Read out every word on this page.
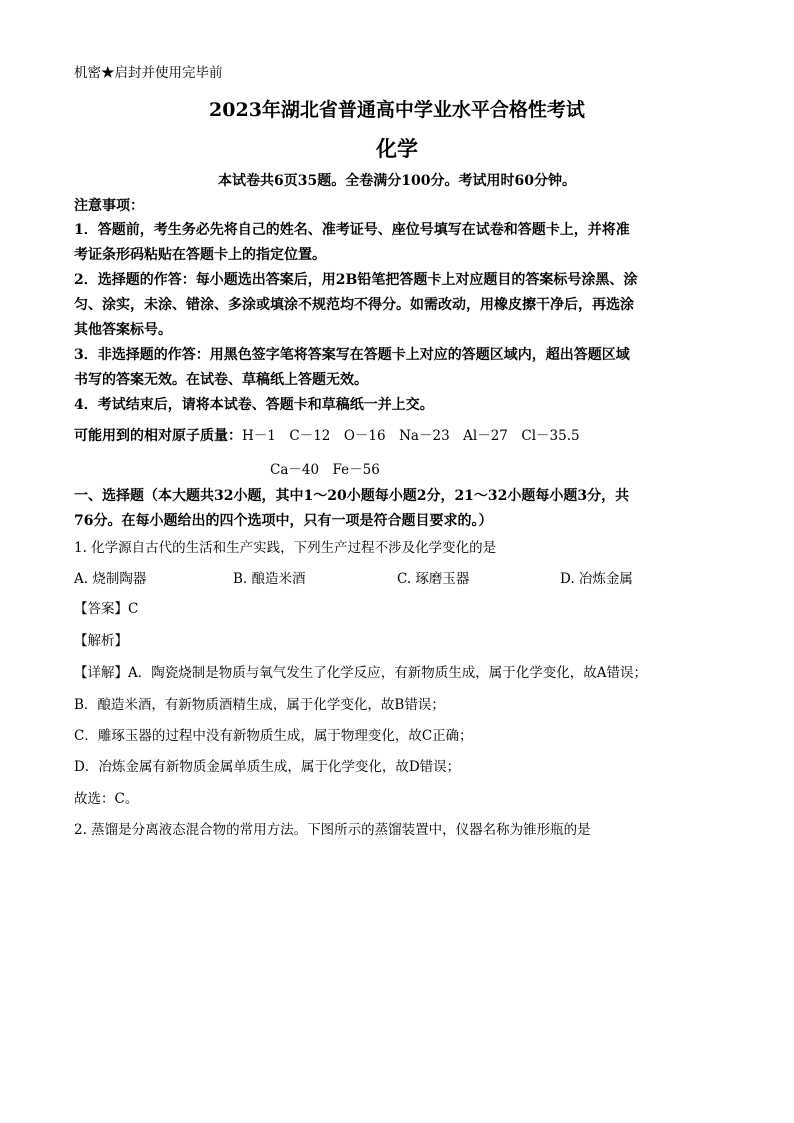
机密★启封并使用完毕前
2023年湖北省普通高中学业水平合格性考试
化学
本试卷共6页35题。全卷满分100分。考试用时60分钟。
注意事项：
1．答题前，考生务必先将自己的姓名、准考证号、座位号填写在试卷和答题卡上，并将准
考证条形码粘贴在答题卡上的指定位置。
2．选择题的作答：每小题选出答案后，用2B铅笔把答题卡上对应题目的答案标号涂黑、涂
匀、涂实，未涂、错涂、多涂或填涂不规范均不得分。如需改动，用橡皮擦干净后，再选涂
其他答案标号。
3．非选择题的作答：用黑色签字笔将答案写在答题卡上对应的答题区域内，超出答题区域
书写的答案无效。在试卷、草稿纸上答题无效。
4．考试结束后，请将本试卷、答题卡和草稿纸一并上交。
可能用到的相对原子质量：H－1　C－12　O－16　Na－23　Al－27　Cl－35.5
Ca－40　Fe－56
一、选择题（本大题共32小题，其中1～20小题每小题2分，21～32小题每小题3分，共
76分。在每小题给出的四个选项中，只有一项是符合题目要求的。）
1. 化学源自古代的生活和生产实践，下列生产过程不涉及化学变化的是
A. 烧制陶器	B. 酿造米酒	C. 琢磨玉器	D. 冶炼金属
【答案】C
【解析】
【详解】A．陶瓷烧制是物质与氧气发生了化学反应，有新物质生成，属于化学变化，故A错误；
B．酿造米酒，有新物质酒精生成，属于化学变化，故B错误；
C．雕琢玉器的过程中没有新物质生成，属于物理变化，故C正确；
D．冶炼金属有新物质金属单质生成，属于化学变化，故D错误；
故选：C。
2. 蒸馏是分离液态混合物的常用方法。下图所示的蒸馏装置中，仪器名称为锥形瓶的是
